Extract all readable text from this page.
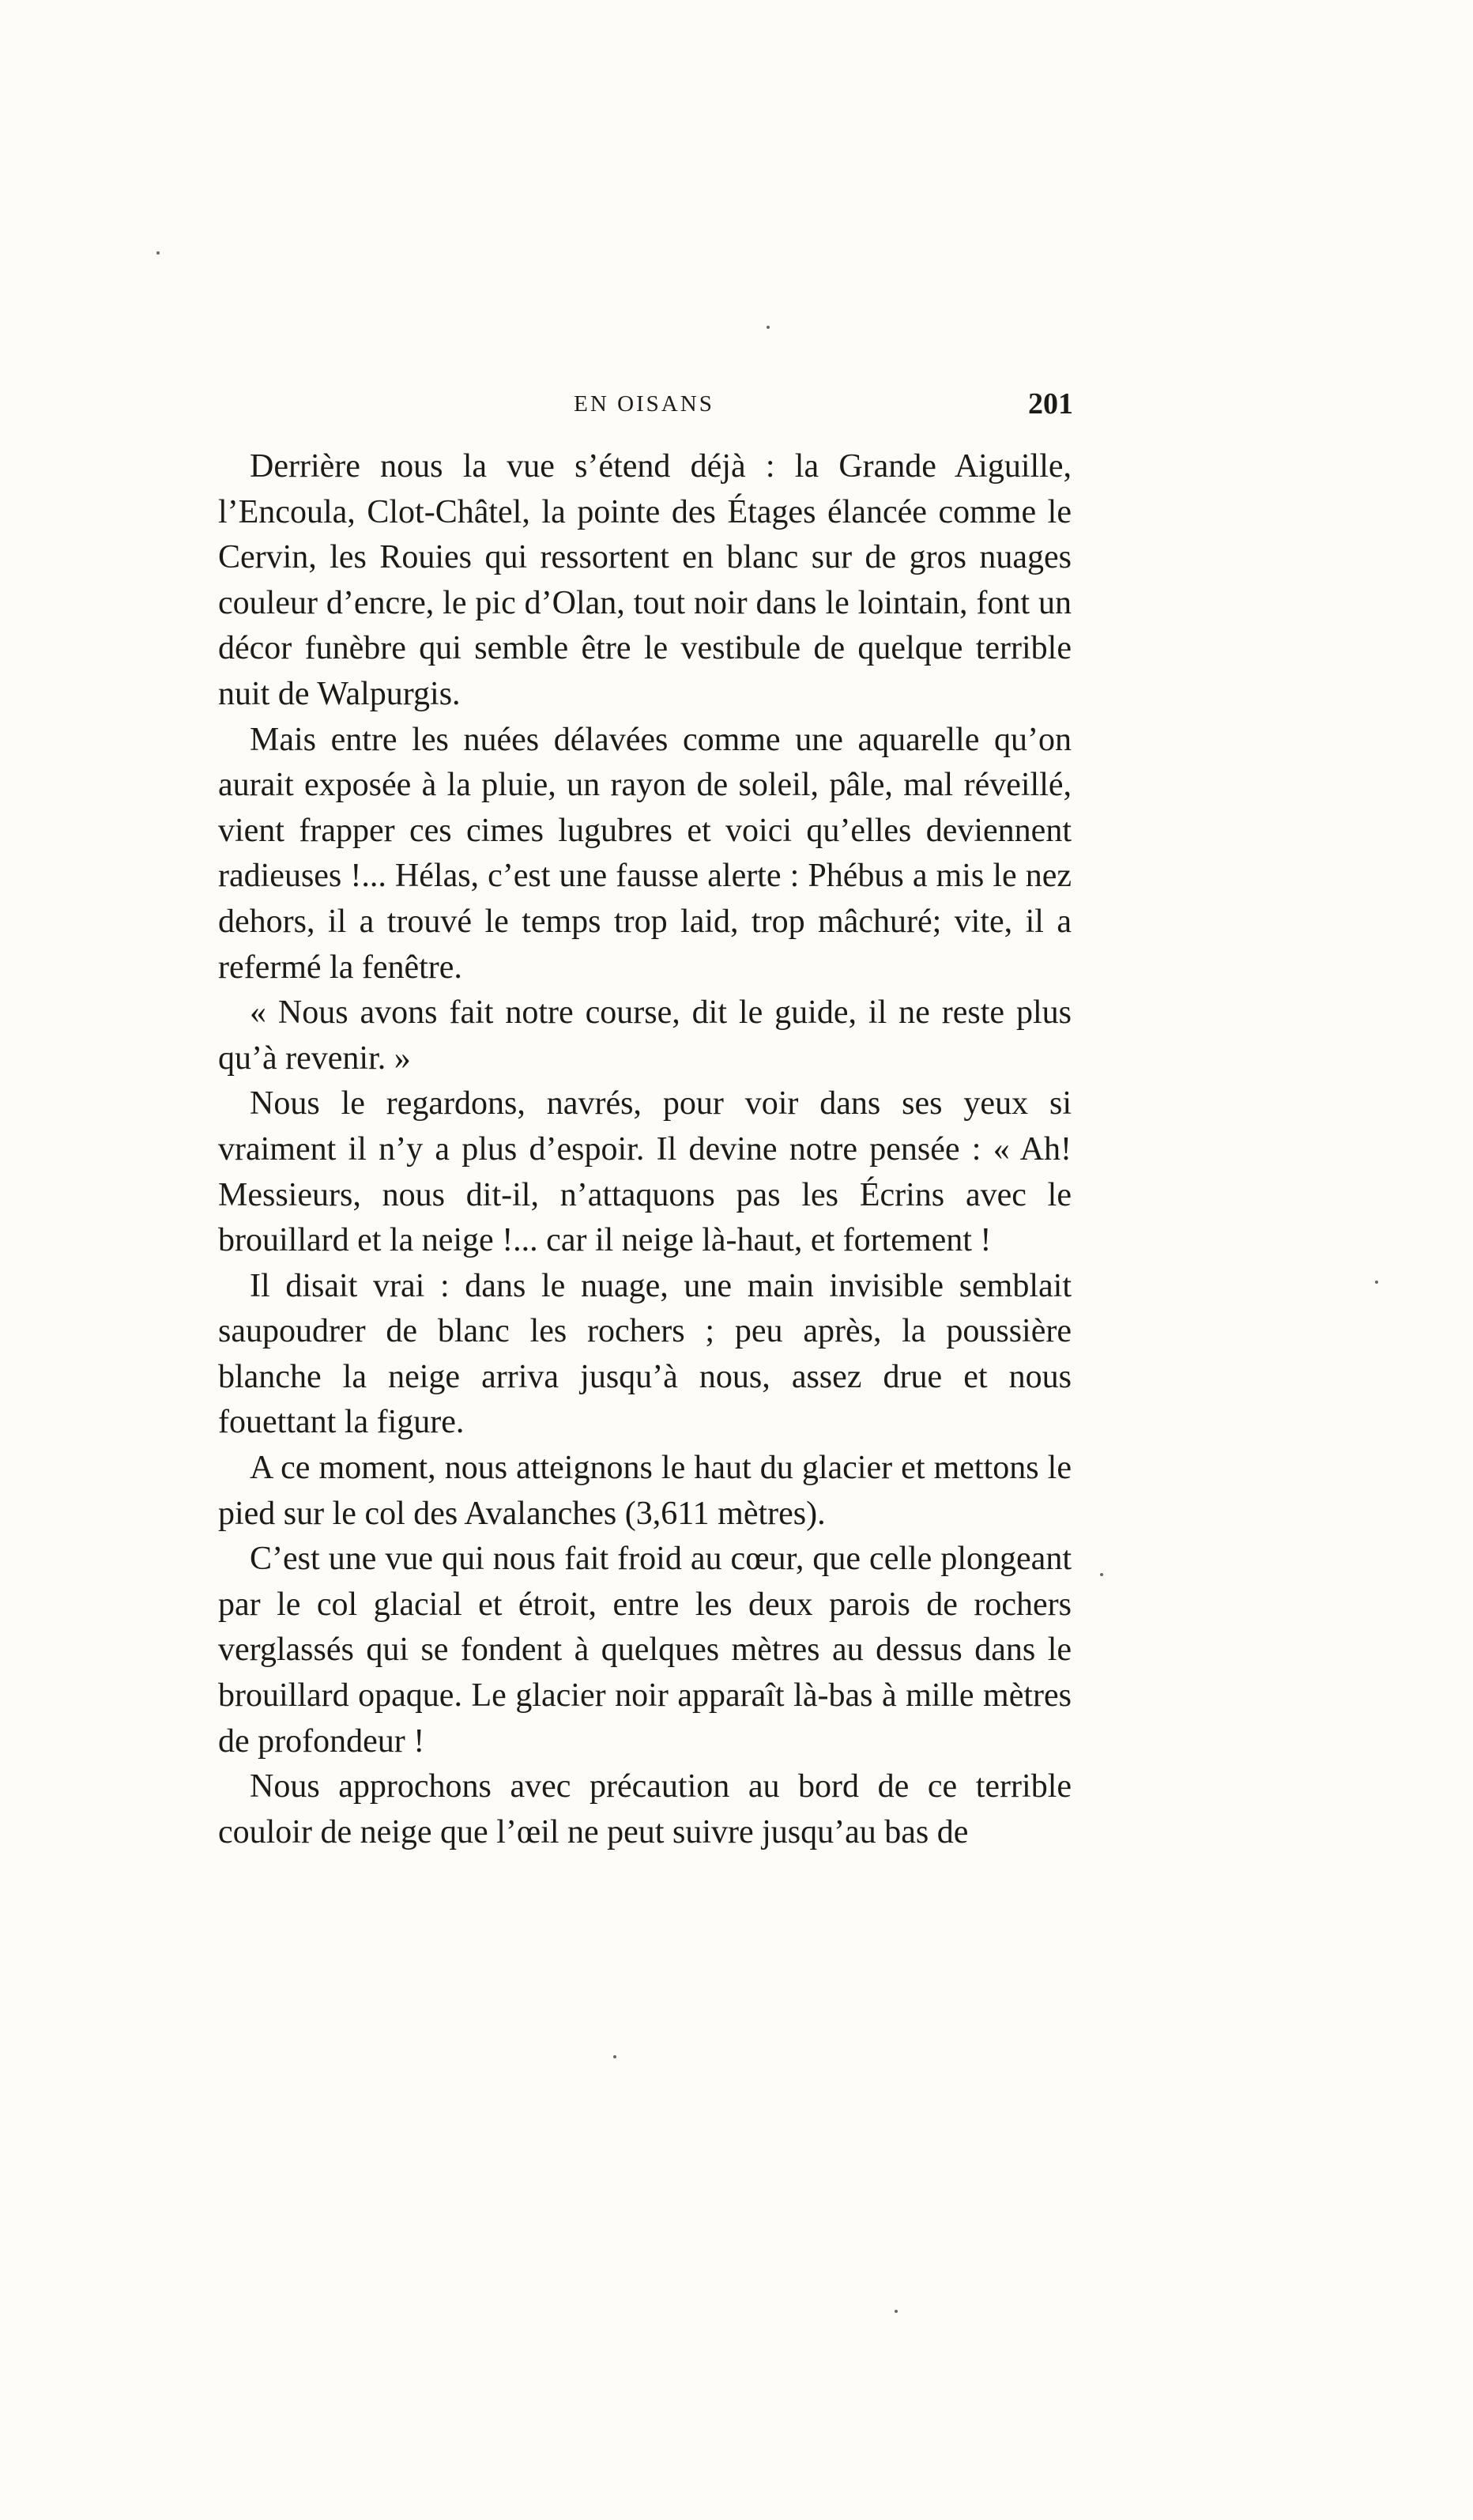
EN OISANS	201

Derrière nous la vue s’étend déjà : la Grande Aiguille, l’Encoula, Clot-Châtel, la pointe des Étages élancée comme le Cervin, les Rouies qui ressortent en blanc sur de gros nuages couleur d’encre, le pic d’Olan, tout noir dans le lointain, font un décor funèbre qui semble être le vestibule de quelque terrible nuit de Walpurgis.

Mais entre les nuées délavées comme une aquarelle qu’on aurait exposée à la pluie, un rayon de soleil, pâle, mal réveillé, vient frapper ces cimes lugubres et voici qu’elles deviennent radieuses !... Hélas, c’est une fausse alerte : Phébus a mis le nez dehors, il a trouvé le temps trop laid, trop mâchuré; vite, il a refermé la fenêtre.

« Nous avons fait notre course, dit le guide, il ne reste plus qu’à revenir. »

Nous le regardons, navrés, pour voir dans ses yeux si vraiment il n’y a plus d’espoir. Il devine notre pensée : « Ah! Messieurs, nous dit-il, n’attaquons pas les Écrins avec le brouillard et la neige !... car il neige là-haut, et fortement !

Il disait vrai : dans le nuage, une main invisible semblait saupoudrer de blanc les rochers ; peu après, la poussière blanche la neige arriva jusqu’à nous, assez drue et nous fouettant la figure.

A ce moment, nous atteignons le haut du glacier et mettons le pied sur le col des Avalanches (3,611 mètres).

C’est une vue qui nous fait froid au cœur, que celle plongeant par le col glacial et étroit, entre les deux parois de rochers verglassés qui se fondent à quelques mètres au dessus dans le brouillard opaque. Le glacier noir apparaît là-bas à mille mètres de profondeur !

Nous approchons avec précaution au bord de ce terrible couloir de neige que l’œil ne peut suivre jusqu’au bas de
